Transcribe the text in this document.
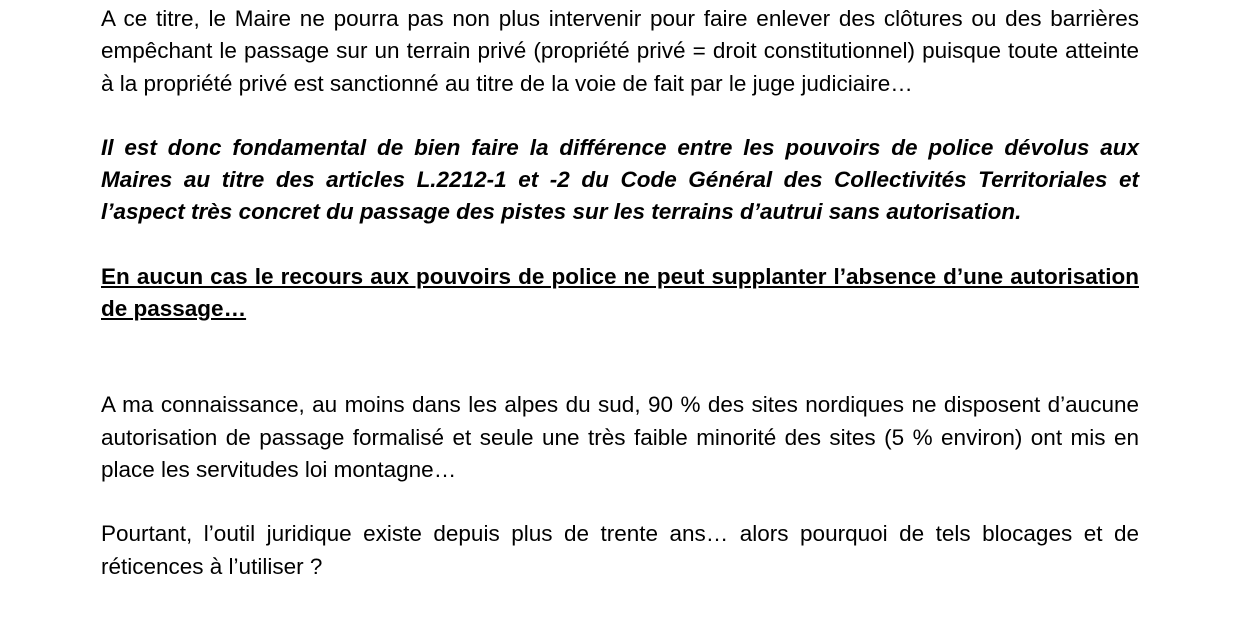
A ce titre, le Maire ne pourra pas non plus intervenir pour faire enlever des clôtures ou des barrières empêchant le passage sur un terrain privé (propriété privé = droit constitutionnel) puisque toute atteinte à la propriété privé est sanctionné au titre de la voie de fait par le juge judiciaire…

Il est donc fondamental de bien faire la différence entre les pouvoirs de police dévolus aux Maires au titre des articles L.2212-1 et -2 du Code Général des Collectivités Territoriales et l’aspect très concret du passage des pistes sur les terrains d’autrui sans autorisation.

En aucun cas le recours aux pouvoirs de police ne peut supplanter l’absence d’une autorisation de passage…

A ma connaissance, au moins dans les alpes du sud, 90 % des sites nordiques ne disposent d’aucune autorisation de passage formalisé et seule une très faible minorité des sites (5 % environ) ont mis en place les servitudes loi montagne…

Pourtant, l’outil juridique existe depuis plus de trente ans… alors pourquoi de tels blocages et de réticences à l’utiliser ?
